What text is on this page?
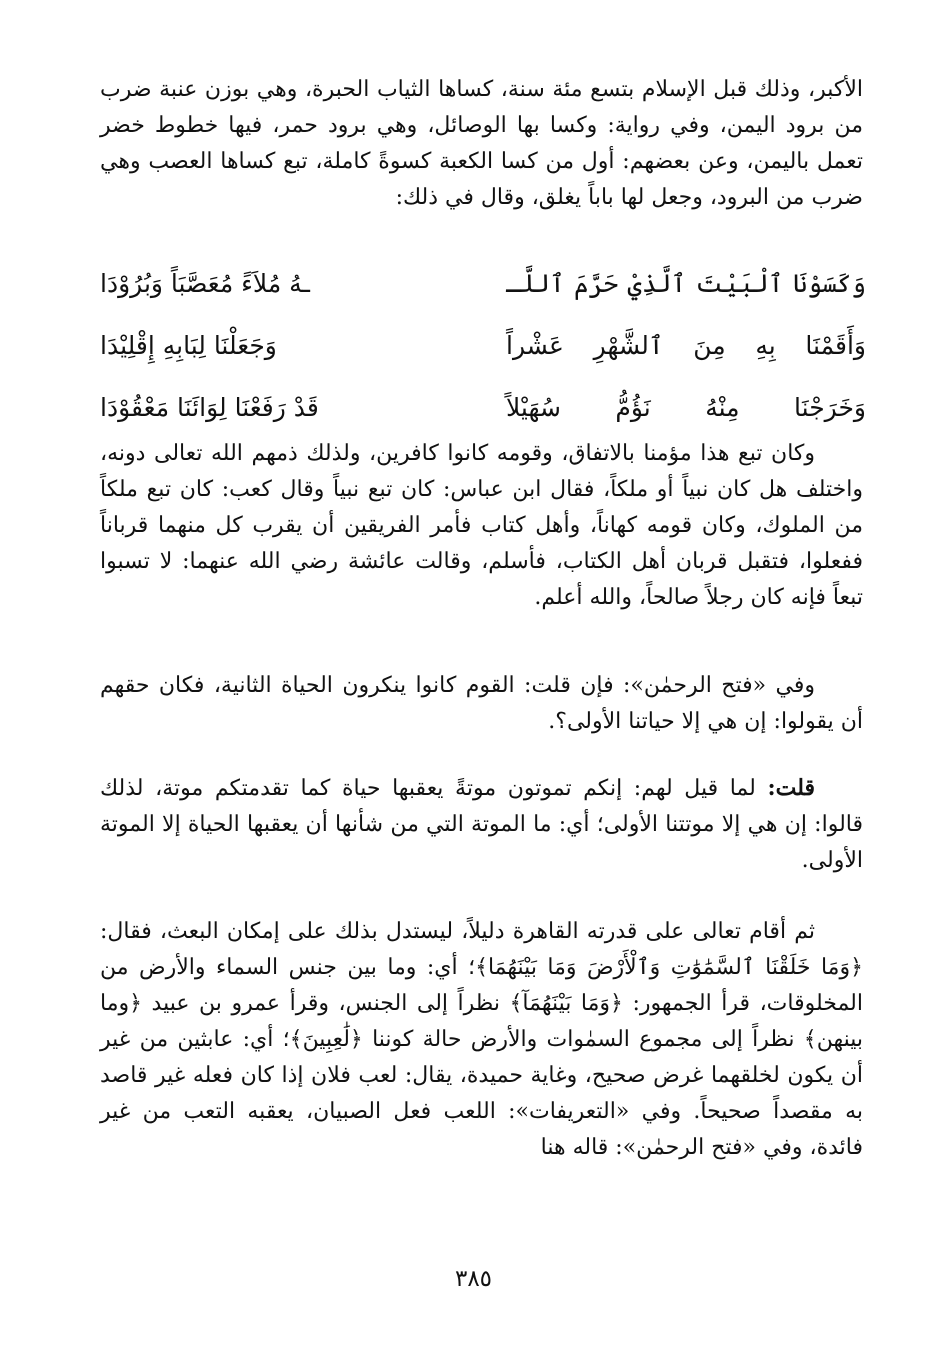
الأكبر، وذلك قبل الإسلام بتسع مئة سنة، كساها الثياب الحبرة، وهي بوزن عنبة ضرب من برود اليمن، وفي رواية: وكسا بها الوصائل، وهي برود حمر، فيها خطوط خضر تعمل باليمن، وعن بعضهم: أول من كسا الكعبة كسوةً كاملة، تبع كساها العصب وهي ضرب من البرود، وجعل لها باباً يغلق، وقال في ذلك:

وَكَسَوْنَا ٱلْبَيْتَ ٱلَّذِيْ حَرَّمَ ٱللَّـ
ـهُ مُلاَءً مُعَصَّبَاً وَبُرُوْدَا
وَأَقَمْنَا بِهِ مِنَ ٱلشَّهْرِ عَشْراً
وَجَعَلْنَا لِبَابِهِ إِقْلِيْدَا
وَخَرَجْنَا مِنْهُ نَؤُمُّ سُهَيْلاً
قَدْ رَفَعْنَا لِوَائَنَا مَعْقُوْدَا

وكان تبع هذا مؤمنا بالاتفاق، وقومه كانوا كافرين، ولذلك ذمهم الله تعالى دونه، واختلف هل كان نبياً أو ملكاً، فقال ابن عباس: كان تبع نبياً وقال كعب: كان تبع ملكاً من الملوك، وكان قومه كهاناً، وأهل كتاب فأمر الفريقين أن يقرب كل منهما قرباناً ففعلوا، فتقبل قربان أهل الكتاب، فأسلم، وقالت عائشة رضي الله عنهما: لا تسبوا تبعاً فإنه كان رجلاً صالحاً، والله أعلم.

وفي «فتح الرحمٰن»: فإن قلت: القوم كانوا ينكرون الحياة الثانية، فكان حقهم أن يقولوا: إن هي إلا حياتنا الأولى؟.

قلت: لما قيل لهم: إنكم تموتون موتةً يعقبها حياة كما تقدمتكم موتة، لذلك قالوا: إن هي إلا موتتنا الأولى؛ أي: ما الموتة التي من شأنها أن يعقبها الحياة إلا الموتة الأولى.

ثم أقام تعالى على قدرته القاهرة دليلاً، ليستدل بذلك على إمكان البعث، فقال: ﴿وَمَا خَلَقْنَا ٱلسَّمَٰوَٰتِ وَٱلْأَرْضَ وَمَا بَيْنَهُمَا﴾؛ أي: وما بين جنس السماء والأرض من المخلوقات، قرأ الجمهور: ﴿وَمَا بَيْنَهُمَآ﴾ نظراً إلى الجنس، وقرأ عمرو بن عبيد ﴿وما بينهن﴾ نظراً إلى مجموع السمٰوات والأرض حالة كوننا ﴿لَٰعِبِينَ﴾؛ أي: عابثين من غير أن يكون لخلقهما غرض صحيح، وغاية حميدة، يقال: لعب فلان إذا كان فعله غير قاصد به مقصداً صحيحاً. وفي «التعريفات»: اللعب فعل الصبيان، يعقبه التعب من غير فائدة، وفي «فتح الرحمٰن»: قاله هنا

٣٨٥
